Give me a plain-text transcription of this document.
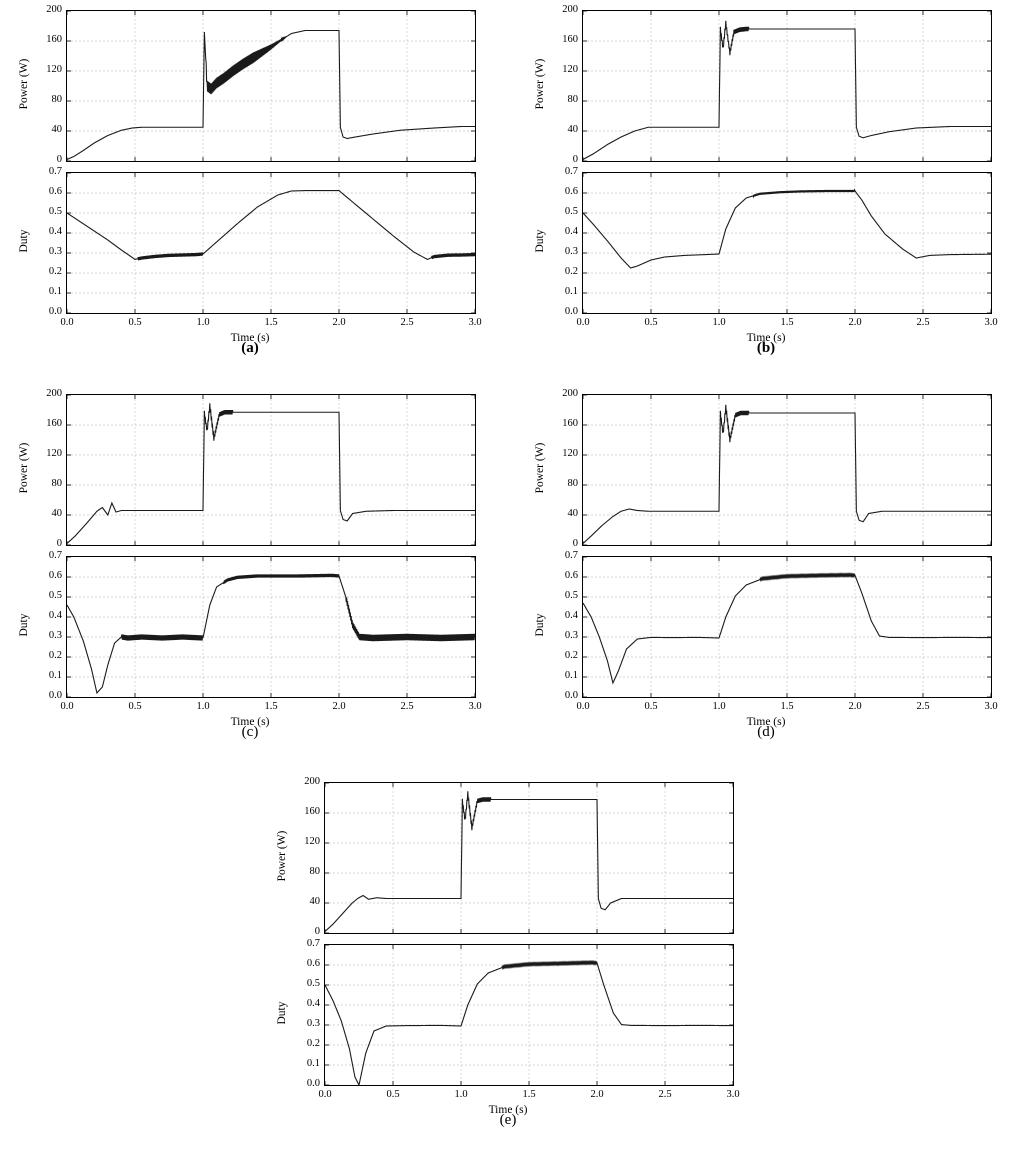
0
40
80
120
160
200
Power (W)
0.0
0.1
0.2
0.3
0.4
0.5
0.6
0.7
0.0	0.5	1.0	1.5	2.0	2.5	3.0
Time (s)
Duty
(a)
0
40
80
120
160
200
Power (W)
0.0
0.1
0.2
0.3
0.4
0.5
0.6
0.7
0.0	0.5	1.0	1.5	2.0	2.5	3.0
Time (s)
Duty
(b)
0
40
80
120
160
200
Power (W)
0.0
0.1
0.2
0.3
0.4
0.5
0.6
0.7
0.0	0.5	1.0	1.5	2.0	2.5	3.0
Time (s)
Duty
(c)
0
40
80
120
160
200
Power (W)
0.0
0.1
0.2
0.3
0.4
0.5
0.6
0.7
0.0	0.5	1.0	1.5	2.0	2.5	3.0
Time (s)
Duty
(d)
0
40
80
120
160
200
Power (W)
0.0
0.1
0.2
0.3
0.4
0.5
0.6
0.7
0.0	0.5	1.0	1.5	2.0	2.5	3.0
Time (s)
Duty
(e)
